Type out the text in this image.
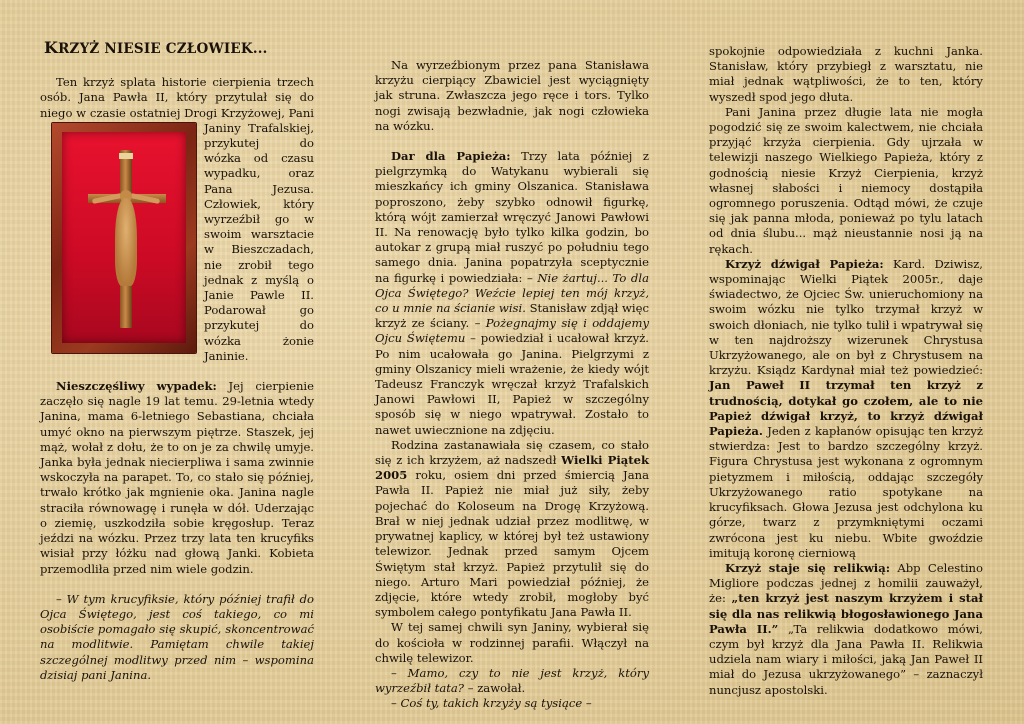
KRZYŻ NIESIE CZŁOWIEK...

Ten krzyż splata historie cierpienia trzech osób. Jana Pawła II, który przytulał się do niego w czasie ostatniej Drogi Krzyżowej, Pani
Janiny Trafalskiej, przykutej do wózka od czasu wypadku, oraz Pana Jezusa. Człowiek, który wyrzeźbił go w swoim warsztacie w Bieszczadach, nie zrobił tego jednak z myślą o Janie Pawle II. Podarował go przykutej do wózka żonie Janinie.

Nieszczęśliwy wypadek: Jej cierpienie zaczęło się nagle 19 lat temu. 29-letnia wtedy Janina, mama 6-letniego Sebastiana, chciała umyć okno na pierwszym piętrze. Staszek, jej mąż, wołał z dołu, że to on je za chwilę umyje. Janka była jednak niecierpliwa i sama zwinnie wskoczyła na parapet. To, co stało się później, trwało krótko jak mgnienie oka. Janina nagle straciła równowagę i runęła w dół. Uderzając o ziemię, uszkodziła sobie kręgosłup. Teraz jeździ na wózku. Przez trzy lata ten krucyfiks wisiał przy łóżku nad głową Janki. Kobieta przemodliła przed nim wiele godzin.

– W tym krucyfiksie, który później trafił do Ojca Świętego, jest coś takiego, co mi osobiście pomagało się skupić, skoncentrować na modlitwie. Pamiętam chwile takiej szczególnej modlitwy przed nim – wspomina dzisiaj pani Janina.

Na wyrzeźbionym przez pana Stanisława krzyżu cierpiący Zbawiciel jest wyciągnięty jak struna. Zwłaszcza jego ręce i tors. Tylko nogi zwisają bezwładnie, jak nogi człowieka na wózku.

Dar dla Papieża: Trzy lata później z pielgrzymką do Watykanu wybierali się mieszkańcy ich gminy Olszanica. Stanisława poproszono, żeby szybko odnowił figurkę, którą wójt zamierzał wręczyć Janowi Pawłowi II. Na renowację było tylko kilka godzin, bo autokar z grupą miał ruszyć po południu tego samego dnia. Janina popatrzyła sceptycznie na figurkę i powiedziała: – Nie żartuj... To dla Ojca Świętego? Weźcie lepiej ten mój krzyż, co u mnie na ścianie wisi. Stanisław zdjął więc krzyż ze ściany. – Pożegnajmy się i oddajemy Ojcu Świętemu – powiedział i ucałował krzyż. Po nim ucałowała go Janina. Pielgrzymi z gminy Olszanicy mieli wrażenie, że kiedy wójt Tadeusz Franczyk wręczał krzyż Trafalskich Janowi Pawłowi II, Papież w szczególny sposób się w niego wpatrywał. Zostało to nawet uwiecznione na zdjęciu.

Rodzina zastanawiała się czasem, co stało się z ich krzyżem, aż nadszedł Wielki Piątek 2005 roku, osiem dni przed śmiercią Jana Pawła II. Papież nie miał już siły, żeby pojechać do Koloseum na Drogę Krzyżową. Brał w niej jednak udział przez modlitwę, w prywatnej kaplicy, w której był też ustawiony telewizor. Jednak przed samym Ojcem Świętym stał krzyż. Papież przytulił się do niego. Arturo Mari powiedział później, że zdjęcie, które wtedy zrobił, mogłoby być symbolem całego pontyfikatu Jana Pawła II.

W tej samej chwili syn Janiny, wybierał się do kościoła w rodzinnej parafii. Włączył na chwilę telewizor.

– Mamo, czy to nie jest krzyż, który wyrzeźbił tata? – zawołał.

– Coś ty, takich krzyży są tysiące –

spokojnie odpowiedziała z kuchni Janka. Stanisław, który przybiegł z warsztatu, nie miał jednak wątpliwości, że to ten, który wyszedł spod jego dłuta.

Pani Janina przez długie lata nie mogła pogodzić się ze swoim kalectwem, nie chciała przyjąć krzyża cierpienia. Gdy ujrzała w telewizji naszego Wielkiego Papieża, który z godnością niesie Krzyż Cierpienia, krzyż własnej słabości i niemocy dostąpiła ogromnego poruszenia. Odtąd mówi, że czuje się jak panna młoda, ponieważ po tylu latach od dnia ślubu... mąż nieustannie nosi ją na rękach.

Krzyż dźwigał Papieża: Kard. Dziwisz, wspominając Wielki Piątek 2005r., daje świadectwo, że Ojciec Św. unieruchomiony na swoim wózku nie tylko trzymał krzyż w swoich dłoniach, nie tylko tulił i wpatrywał się w ten najdroższy wizerunek Chrystusa Ukrzyżowanego, ale on był z Chrystusem na krzyżu. Ksiądz Kardynał miał też powiedzieć: Jan Paweł II trzymał ten krzyż z trudnością, dotykał go czołem, ale to nie Papież dźwigał krzyż, to krzyż dźwigał Papieża. Jeden z kapłanów opisując ten krzyż stwierdza: Jest to bardzo szczególny krzyż. Figura Chrystusa jest wykonana z ogromnym pietyzmem i miłością, oddając szczegóły Ukrzyżowanego ratio spotykane na krucyfiksach. Głowa Jezusa jest odchylona ku górze, twarz z przymkniętymi oczami zwrócona jest ku niebu. Wbite gwoździe imitują koronę cierniową

Krzyż staje się relikwią: Abp Celestino Migliore podczas jednej z homilii zauważył, że: „ten krzyż jest naszym krzyżem i stał się dla nas relikwią błogosławionego Jana Pawła II.” „Ta relikwia dodatkowo mówi, czym był krzyż dla Jana Pawła II. Relikwia udziela nam wiary i miłości, jaką Jan Paweł II miał do Jezusa ukrzyżowanego” – zaznaczył nuncjusz apostolski.
